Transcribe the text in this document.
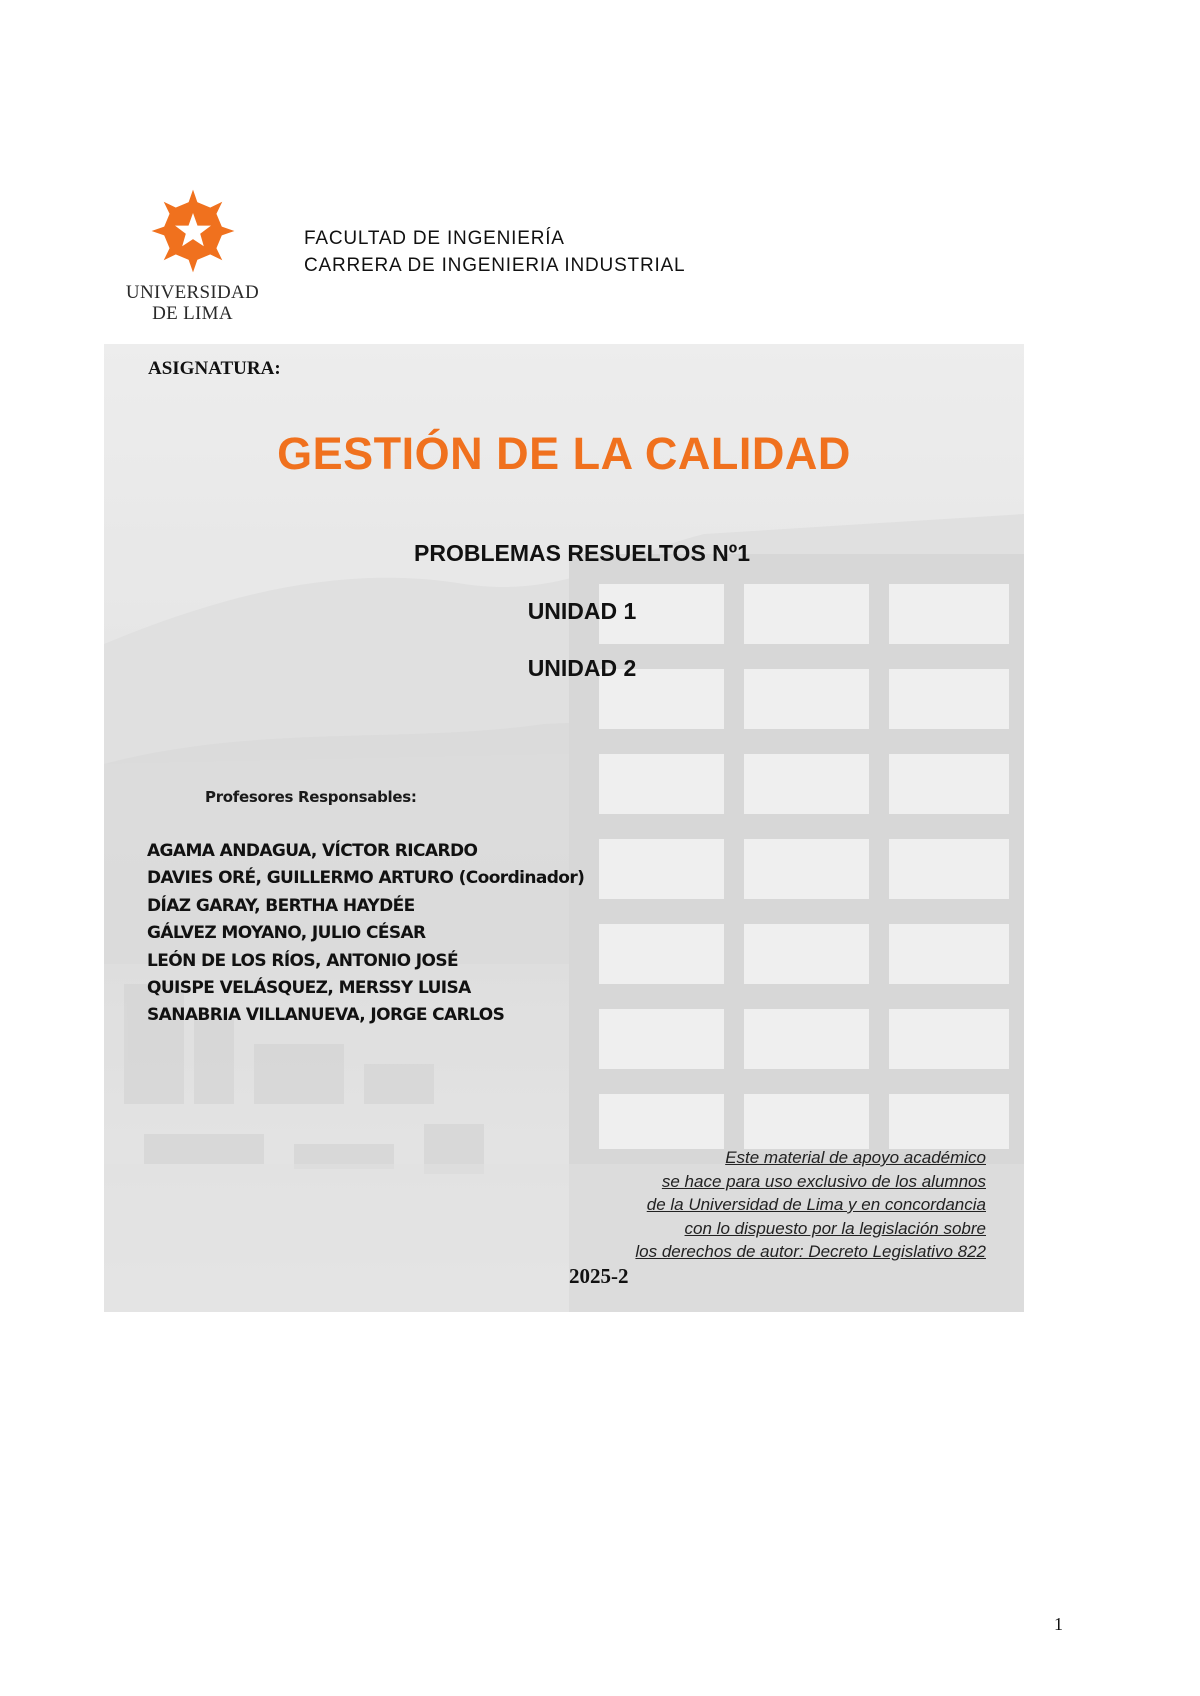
UNIVERSIDAD
DE LIMA
FACULTAD DE INGENIERÍA
CARRERA DE INGENIERIA INDUSTRIAL
ASIGNATURA:
GESTIÓN DE LA CALIDAD
PROBLEMAS RESUELTOS Nº1
UNIDAD 1
UNIDAD 2
Profesores Responsables:
AGAMA ANDAGUA, VÍCTOR RICARDO
DAVIES ORÉ, GUILLERMO ARTURO (Coordinador)
DÍAZ GARAY, BERTHA HAYDÉE
GÁLVEZ MOYANO, JULIO CÉSAR
LEÓN DE LOS RÍOS, ANTONIO JOSÉ
QUISPE VELÁSQUEZ, MERSSY LUISA
SANABRIA VILLANUEVA, JORGE CARLOS
Este material de apoyo académico
se hace para uso exclusivo de los alumnos
de la Universidad de Lima y en concordancia
con lo dispuesto por la legislación sobre
los derechos de autor: Decreto Legislativo 822
2025-2
1
